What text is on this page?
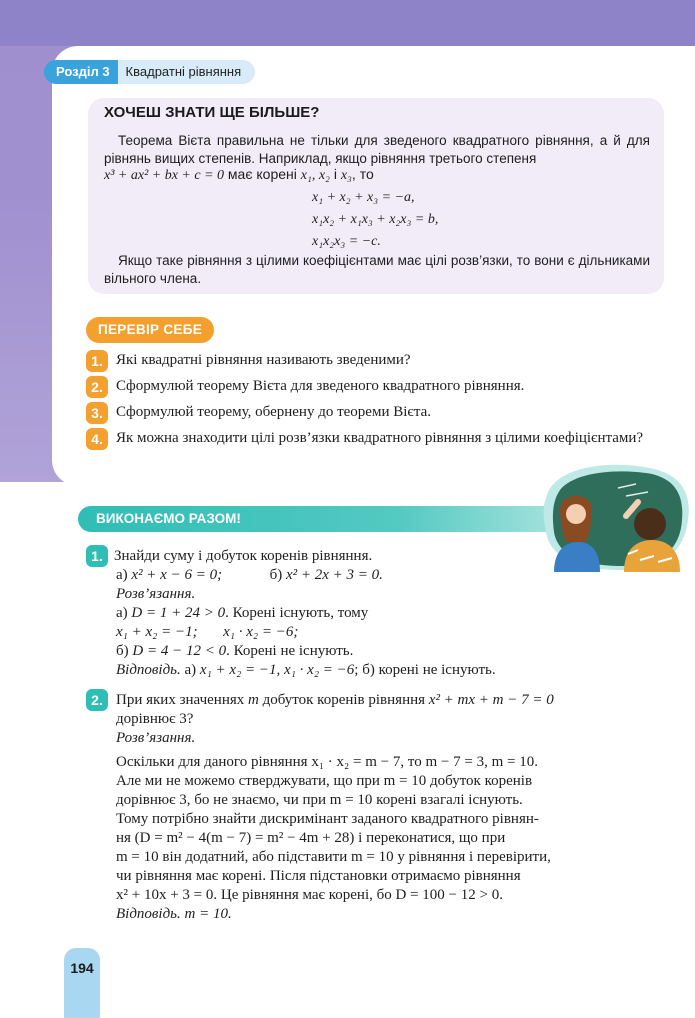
Розділ 3	Квадратні рівняння
ХОЧЕШ ЗНАТИ ЩЕ БІЛЬШЕ?
Теорема Вієта правильна не тільки для зведеного квадратного рівняння, а й для рівнянь вищих степенів. Наприклад, якщо рівняння третього степеня
x³ + ax² + bx + c = 0 має корені x₁, x₂ і x₃, то
x₁ + x₂ + x₃ = −a,
x₁x₂ + x₁x₃ + x₂x₃ = b,
x₁x₂x₃ = −c.
Якщо таке рівняння з цілими коефіцієнтами має цілі розв’язки, то вони є дільниками вільного члена.
ПЕРЕВІР СЕБЕ
1. Які квадратні рівняння називають зведеними?
2. Сформулюй теорему Вієта для зведеного квадратного рівняння.
3. Сформулюй теорему, обернену до теореми Вієта.
4. Як можна знаходити цілі розв’язки квадратного рівняння з цілими коефіцієнтами?
ВИКОНАЄМО РАЗОМ!
1. Знайди суму і добуток коренів рівняння.
а) x² + x − 6 = 0;	б) x² + 2x + 3 = 0.
Розв’язання.
а) D = 1 + 24 > 0. Корені існують, тому
x₁ + x₂ = −1; x₁ · x₂ = −6;
б) D = 4 − 12 < 0. Корені не існують.
Відповідь. а) x₁ + x₂ = −1, x₁ · x₂ = −6; б) корені не існують.
2. При яких значеннях m добуток коренів рівняння x² + mx + m − 7 = 0
дорівнює 3?
Розв’язання.
Оскільки для даного рівняння x₁ · x₂ = m − 7, то m − 7 = 3, m = 10.
Але ми не можемо стверджувати, що при m = 10 добуток коренів
дорівнює 3, бо не знаємо, чи при m = 10 корені взагалі існують.
Тому потрібно знайти дискримінант заданого квадратного рівнян-
ня (D = m² − 4(m − 7) = m² − 4m + 28) і переконатися, що при
m = 10 він додатний, або підставити m = 10 у рівняння і перевірити,
чи рівняння має корені. Після підстановки отримаємо рівняння
x² + 10x + 3 = 0. Це рівняння має корені, бо D = 100 − 12 > 0.
Відповідь. m = 10.
194
